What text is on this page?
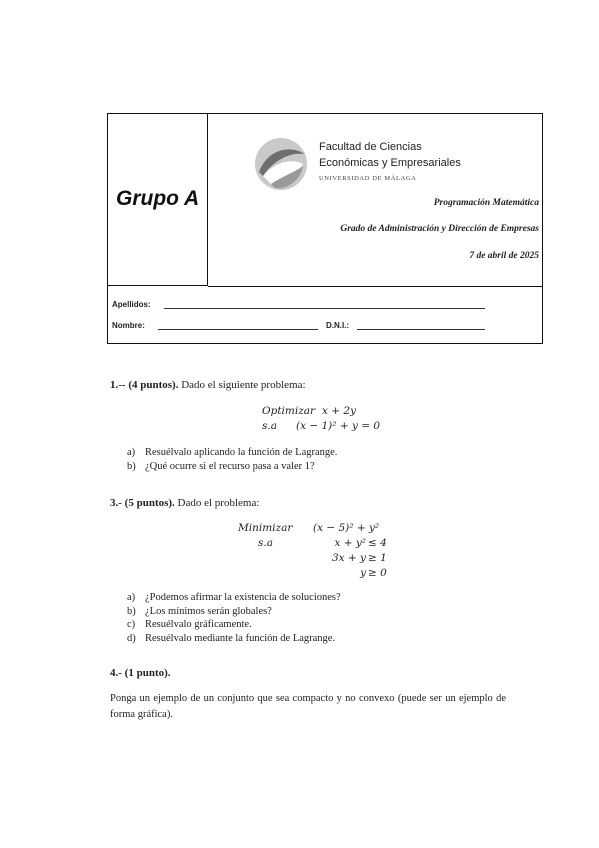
Grupo A
Facultad de Ciencias
Económicas y Empresariales
UNIVERSIDAD DE MÁLAGA
Programación Matemática
Grado de Administración y Dirección de Empresas
7 de abril de 2025
Apellidos:
Nombre:	D.N.I.:
1.-- (4 puntos). Dado el siguiente problema:
Optimizar x + 2y
s.a (x − 1)² + y = 0
a) Resuélvalo aplicando la función de Lagrange.
b) ¿Qué ocurre si el recurso pasa a valer 1?
3.- (5 puntos). Dado el problema:
Minimizar (x − 5)² + y²
s.a	x + y² ≤ 4
3x + y ≥ 1
y ≥ 0
a) ¿Podemos afirmar la existencia de soluciones?
b) ¿Los mínimos serán globales?
c) Resuélvalo gráficamente.
d) Resuélvalo mediante la función de Lagrange.
4.- (1 punto).
Ponga un ejemplo de un conjunto que sea compacto y no convexo (puede ser un ejemplo de forma gráfica).
